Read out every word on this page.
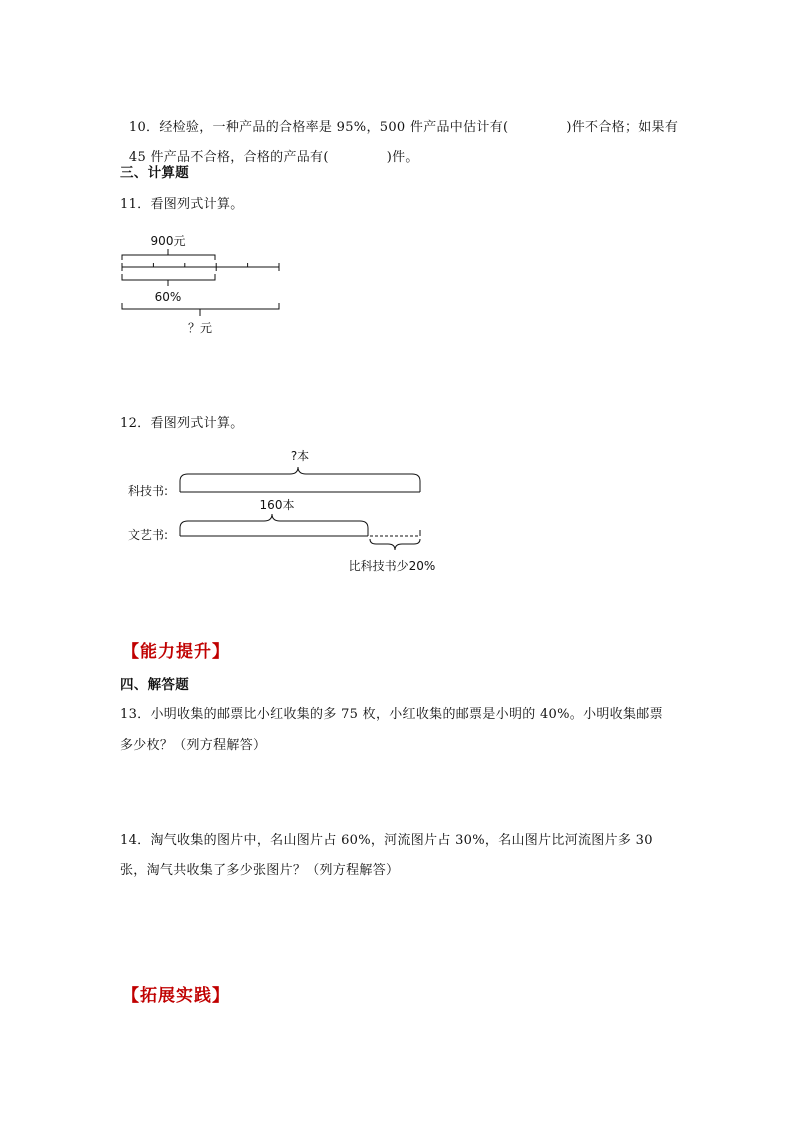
10．经检验，一种产品的合格率是 95%，500 件产品中估计有(	)件不合格；如果有

45 件产品不合格，合格的产品有(	)件。

三、计算题
11．看图列式计算。
900元
60%
？元
12．看图列式计算。
?本
科技书:
160本
文艺书:
比科技书少20%
【能力提升】
四、解答题
13．小明收集的邮票比小红收集的多 75 枚，小红收集的邮票是小明的 40%。小明收集邮票
多少枚？（列方程解答）
14．淘气收集的图片中，名山图片占 60%，河流图片占 30%，名山图片比河流图片多 30
张，淘气共收集了多少张图片？（列方程解答）
【拓展实践】
